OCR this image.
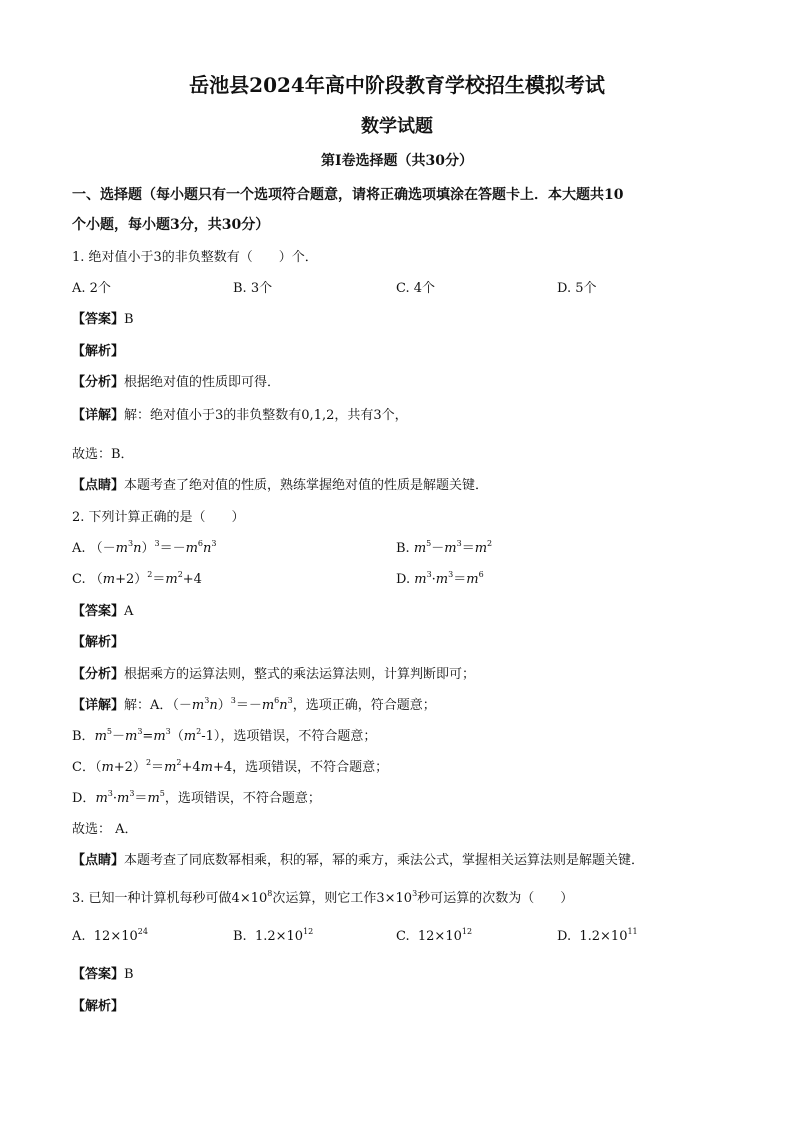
岳池县2024年高中阶段教育学校招生模拟考试
数学试题
第Ⅰ卷选择题（共30分）
一、选择题（每小题只有一个选项符合题意，请将正确选项填涂在答题卡上．本大题共10
个小题，每小题3分，共30分）
1. 绝对值小于3的非负整数有（　　）个．
A. 2个	B. 3个	C. 4个	D. 5个
【答案】B
【解析】
【分析】根据绝对值的性质即可得．
【详解】解：绝对值小于3的非负整数有0,1,2，共有3个，
故选：B．
【点睛】本题考查了绝对值的性质，熟练掌握绝对值的性质是解题关键．
2. 下列计算正确的是（　　）
A. $(-m^3n)^3=-m^6n^3$	B. $m^5-m^3=m^2$
C. $(m+2)^2=m^2+4$	D. $m^3\cdot m^3=m^6$
【答案】A
【解析】
【分析】根据乘方的运算法则，整式的乘法运算法则，计算判断即可；
【详解】解：A．$(-m^3n)^3=-m^6n^3$，选项正确，符合题意；
B．$m^5-m^3=m^3(m^2-1)$，选项错误，不符合题意；
C．$(m+2)^2=m^2+4m+4$，选项错误，不符合题意；
D．$m^3\cdot m^3=m^5$，选项错误，不符合题意；
故选： A．
【点睛】本题考查了同底数幂相乘，积的幂，幂的乘方，乘法公式，掌握相关运算法则是解题关键．
3. 已知一种计算机每秒可做$4\times 10^8$次运算，则它工作$3\times 10^3$秒可运算的次数为（　　）
A.  $12\times 10^{24}$	B.  $1.2\times 10^{12}$	C.  $12\times 10^{12}$	D.  $1.2\times 10^{11}$
【答案】B
【解析】
